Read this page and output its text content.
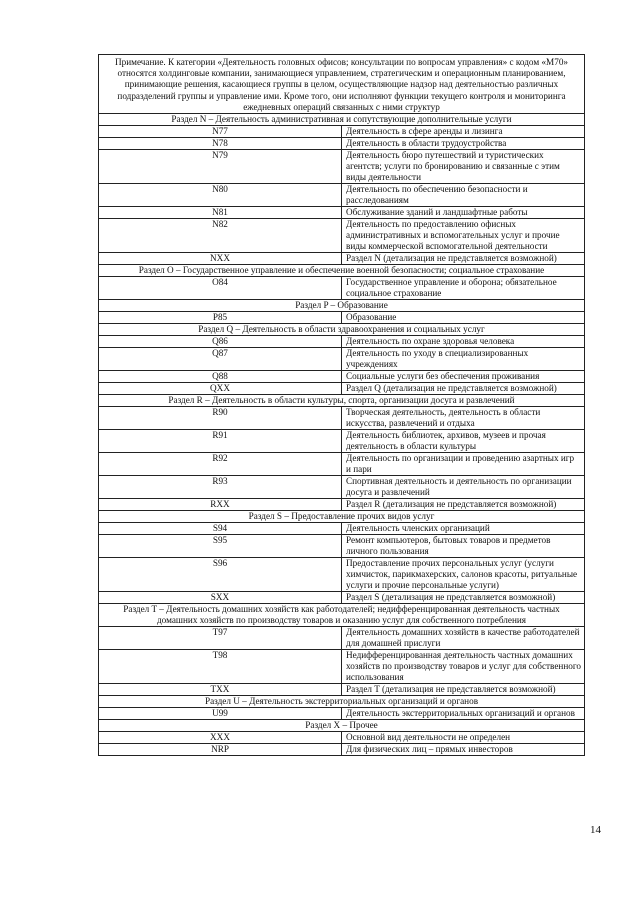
Примечание. К категории «Деятельность головных офисов; консультации по вопросам управления» с кодом «M70» относятся холдинговые компании, занимающиеся управлением, стратегическим и операционным планированием, принимающие решения, касающиеся группы в целом, осуществляющие надзор над деятельностью различных подразделений группы и управление ими. Кроме того, они исполняют функции текущего контроля и мониторинга ежедневных операций связанных с ними структур	
Раздел N – Деятельность административная и сопутствующие дополнительные услуги	
N77	Деятельность в сфере аренды и лизинга
N78	Деятельность в области трудоустройства
N79	Деятельность бюро путешествий и туристических агентств; услуги по бронированию и связанные с этим виды деятельности
N80	Деятельность по обеспечению безопасности и расследованиям
N81	Обслуживание зданий и ландшафтные работы
N82	Деятельность по предоставлению офисных административных и вспомогательных услуг и прочие виды коммерческой вспомогательной деятельности
NXX	Раздел N (детализация не представляется возможной)
Раздел O – Государственное управление и обеспечение военной безопасности; социальное страхование	
O84	Государственное управление и оборона; обязательное социальное страхование
Раздел P – Образование	
P85	Образование
Раздел Q – Деятельность в области здравоохранения и социальных услуг	
Q86	Деятельность по охране здоровья человека
Q87	Деятельность по уходу в специализированных учреждениях
Q88	Социальные услуги без обеспечения проживания
QXX	Раздел Q (детализация не представляется возможной)
Раздел R – Деятельность в области культуры, спорта, организации досуга и развлечений	
R90	Творческая деятельность, деятельность в области искусства, развлечений и отдыха
R91	Деятельность библиотек, архивов, музеев и прочая деятельность в области культуры
R92	Деятельность по организации и проведению азартных игр и пари
R93	Спортивная деятельность и деятельность по организации досуга и развлечений
RXX	Раздел R (детализация не представляется возможной)
Раздел S – Предоставление прочих видов услуг	
S94	Деятельность членских организаций
S95	Ремонт компьютеров, бытовых товаров и предметов личного пользования
S96	Предоставление прочих персональных услуг (услуги химчисток, парикмахерских, салонов красоты, ритуальные услуги и прочие персональные услуги)
SXX	Раздел S (детализация не представляется возможной)
Раздел T – Деятельность домашних хозяйств как работодателей; недифференцированная деятельность частных домашних хозяйств по производству товаров и оказанию услуг для собственного потребления	
T97	Деятельность домашних хозяйств в качестве работодателей для домашней прислуги
T98	Недифференцированная деятельность частных домашних хозяйств по производству товаров и услуг для собственного использования
TXX	Раздел T (детализация не представляется возможной)
Раздел U – Деятельность экстерриториальных организаций и органов	
U99	Деятельность экстерриториальных организаций и органов
Раздел X – Прочее	
XXX	Основной вид деятельности не определен
NRP	Для физических лиц – прямых инвесторов
14
